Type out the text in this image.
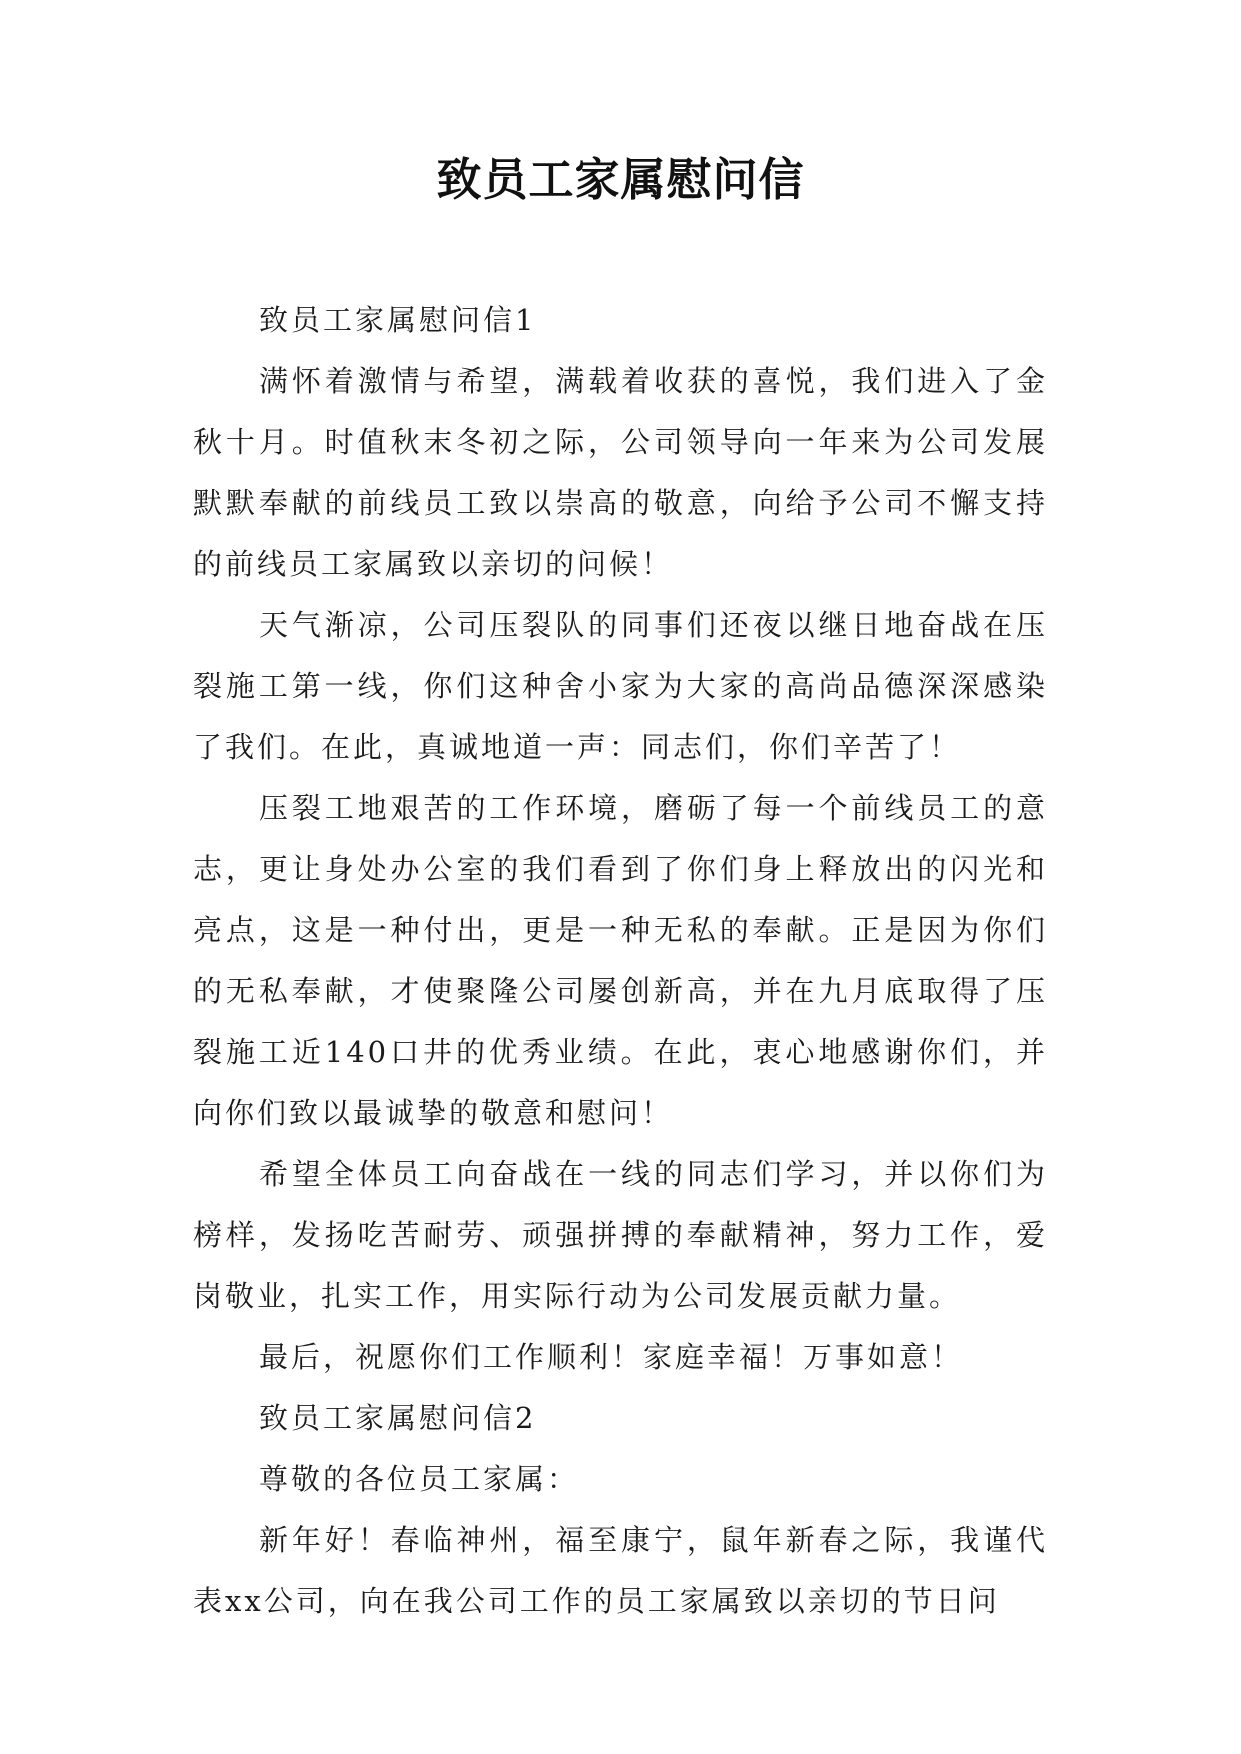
致员工家属慰问信

致员工家属慰问信1

满怀着激情与希望，满载着收获的喜悦，我们进入了金秋十月。时值秋末冬初之际，公司领导向一年来为公司发展默默奉献的前线员工致以崇高的敬意，向给予公司不懈支持的前线员工家属致以亲切的问候！

天气渐凉，公司压裂队的同事们还夜以继日地奋战在压裂施工第一线，你们这种舍小家为大家的高尚品德深深感染了我们。在此，真诚地道一声：同志们，你们辛苦了！

压裂工地艰苦的工作环境，磨砺了每一个前线员工的意志，更让身处办公室的我们看到了你们身上释放出的闪光和亮点，这是一种付出，更是一种无私的奉献。正是因为你们的无私奉献，才使聚隆公司屡创新高，并在九月底取得了压裂施工近140口井的优秀业绩。在此，衷心地感谢你们，并向你们致以最诚挚的敬意和慰问！

希望全体员工向奋战在一线的同志们学习，并以你们为榜样，发扬吃苦耐劳、顽强拼搏的奉献精神，努力工作，爱岗敬业，扎实工作，用实际行动为公司发展贡献力量。

最后，祝愿你们工作顺利！家庭幸福！万事如意！

致员工家属慰问信2

尊敬的各位员工家属：

新年好！春临神州，福至康宁，鼠年新春之际，我谨代表xx公司，向在我公司工作的员工家属致以亲切的节日问
